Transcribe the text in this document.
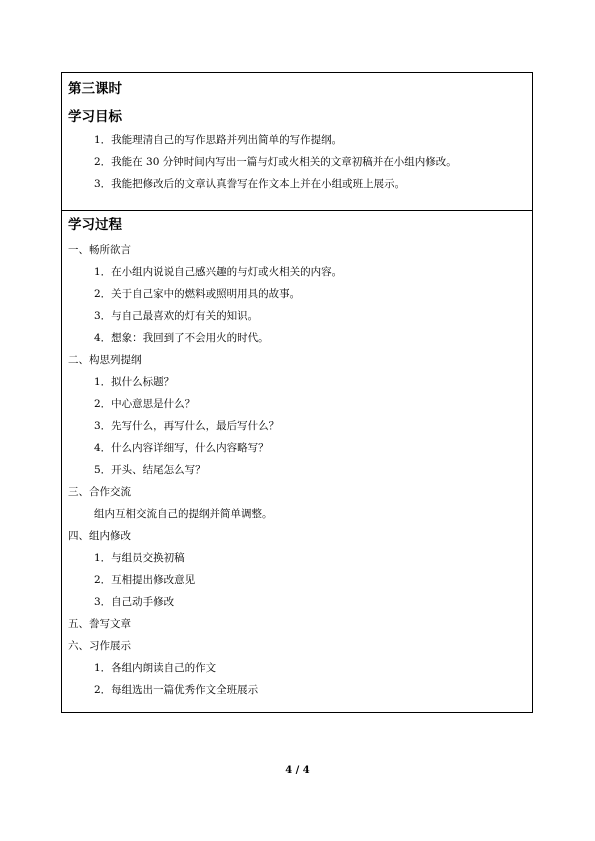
第三课时
学习目标
1．我能理清自己的写作思路并列出简单的写作提纲。
2．我能在 30 分钟时间内写出一篇与灯或火相关的文章初稿并在小组内修改。
3．我能把修改后的文章认真誊写在作文本上并在小组或班上展示。
学习过程
一、畅所欲言
1．在小组内说说自己感兴趣的与灯或火相关的内容。
2．关于自己家中的燃料或照明用具的故事。
3．与自己最喜欢的灯有关的知识。
4．想象：我回到了不会用火的时代。
二、构思列提纲
1．拟什么标题？
2．中心意思是什么？
3．先写什么，再写什么，最后写什么？
4．什么内容详细写，什么内容略写？
5．开头、结尾怎么写？
三、合作交流
组内互相交流自己的提纲并简单调整。
四、组内修改
1．与组员交换初稿
2．互相提出修改意见
3．自己动手修改
五、誊写文章
六、习作展示
1．各组内朗读自己的作文
2．每组选出一篇优秀作文全班展示
4 / 4
